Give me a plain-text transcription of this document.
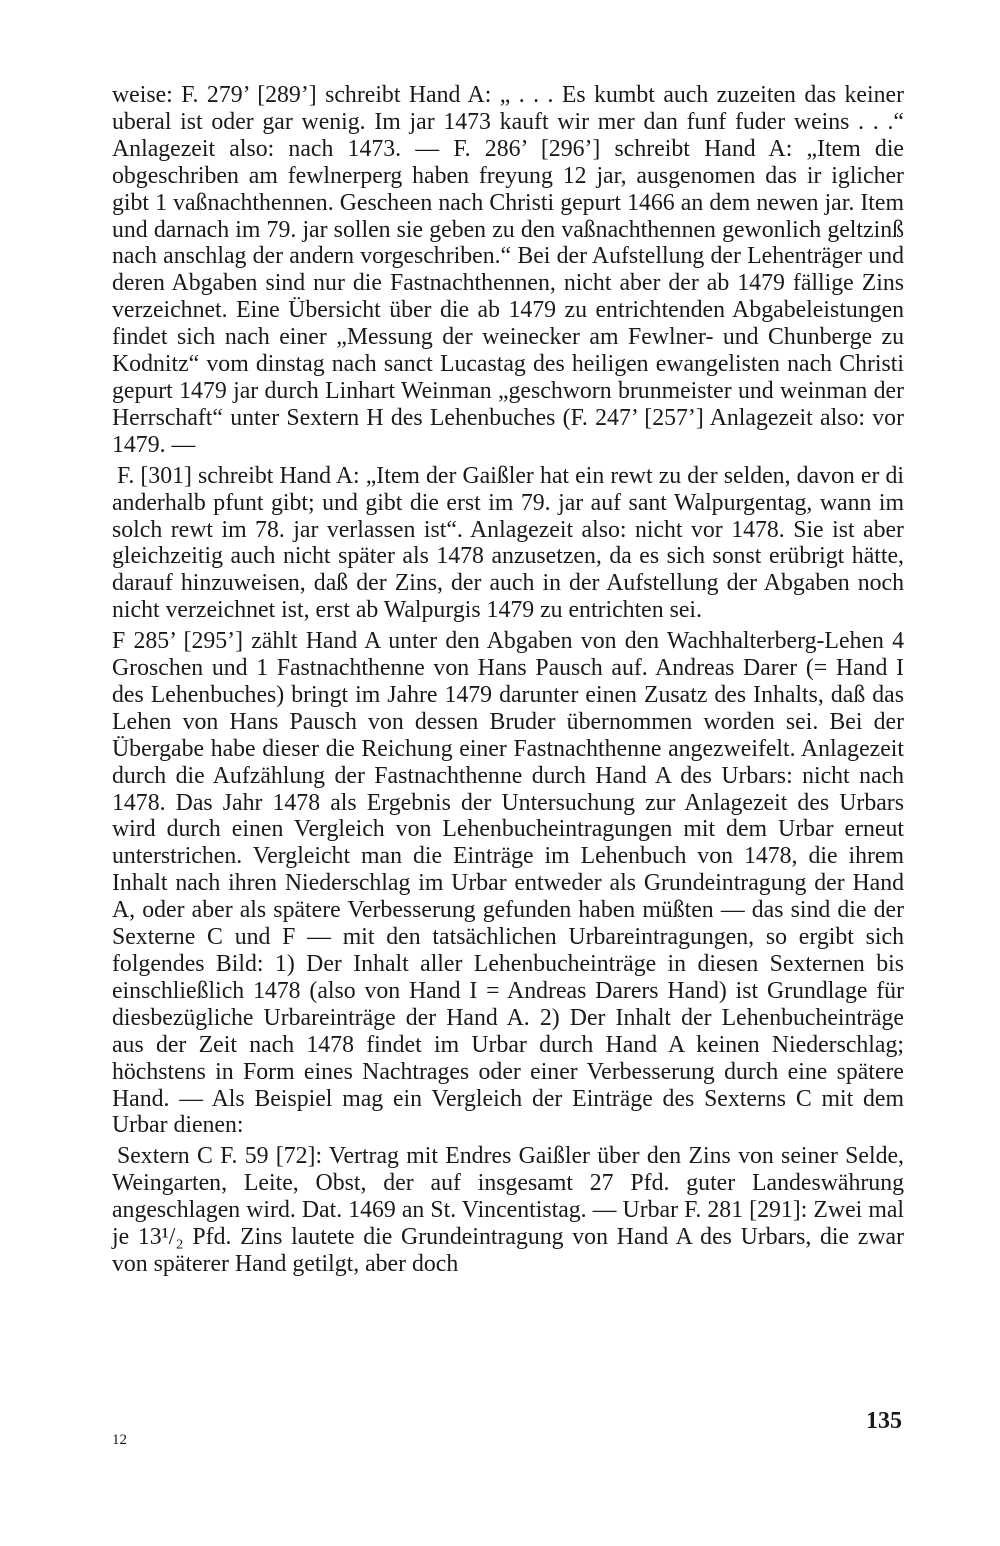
weise: F. 279’ [289’] schreibt Hand A: „ . . . Es kumbt auch zuzeiten das keiner uberal ist oder gar wenig. Im jar 1473 kauft wir mer dan funf fuder weins . . .“ Anlagezeit also: nach 1473. — F. 286’ [296’] schreibt Hand A: „Item die obgeschriben am fewlnerperg haben freyung 12 jar, ausgenomen das ir iglicher gibt 1 vaßnachthennen. Gescheen nach Christi gepurt 1466 an dem newen jar. Item und darnach im 79. jar sollen sie geben zu den vaßnachthennen gewonlich geltzinß nach anschlag der andern vorgeschriben.“ Bei der Aufstellung der Lehenträger und deren Abgaben sind nur die Fastnachthennen, nicht aber der ab 1479 fällige Zins verzeichnet. Eine Übersicht über die ab 1479 zu entrichtenden Abgabeleistungen findet sich nach einer „Messung der weinecker am Fewlner- und Chunberge zu Kodnitz“ vom dinstag nach sanct Lucastag des heiligen ewangelisten nach Christi gepurt 1479 jar durch Linhart Weinman „geschworn brunmeister und weinman der Herrschaft“ unter Sextern H des Lehenbuches (F. 247’ [257’] Anlagezeit also: vor 1479. —

F. [301] schreibt Hand A: „Item der Gaißler hat ein rewt zu der selden, davon er di anderhalb pfunt gibt; und gibt die erst im 79. jar auf sant Walpurgentag, wann im solch rewt im 78. jar verlassen ist“. Anlagezeit also: nicht vor 1478. Sie ist aber gleichzeitig auch nicht später als 1478 anzusetzen, da es sich sonst erübrigt hätte, darauf hinzuweisen, daß der Zins, der auch in der Aufstellung der Abgaben noch nicht verzeichnet ist, erst ab Walpurgis 1479 zu entrichten sei.

F 285’ [295’] zählt Hand A unter den Abgaben von den Wachhalterberg-Lehen 4 Groschen und 1 Fastnachthenne von Hans Pausch auf. Andreas Darer (= Hand I des Lehenbuches) bringt im Jahre 1479 darunter einen Zusatz des Inhalts, daß das Lehen von Hans Pausch von dessen Bruder übernommen worden sei. Bei der Übergabe habe dieser die Reichung einer Fastnachthenne angezweifelt. Anlagezeit durch die Aufzählung der Fastnachthenne durch Hand A des Urbars: nicht nach 1478. Das Jahr 1478 als Ergebnis der Untersuchung zur Anlagezeit des Urbars wird durch einen Vergleich von Lehenbucheintragungen mit dem Urbar erneut unterstrichen. Vergleicht man die Einträge im Lehenbuch von 1478, die ihrem Inhalt nach ihren Niederschlag im Urbar entweder als Grundeintragung der Hand A, oder aber als spätere Verbesserung gefunden haben müßten — das sind die der Sexterne C und F — mit den tatsächlichen Urbareintragungen, so ergibt sich folgendes Bild: 1) Der Inhalt aller Lehenbucheinträge in diesen Sexternen bis einschließlich 1478 (also von Hand I = Andreas Darers Hand) ist Grundlage für diesbezügliche Urbareinträge der Hand A. 2) Der Inhalt der Lehenbucheinträge aus der Zeit nach 1478 findet im Urbar durch Hand A keinen Niederschlag; höchstens in Form eines Nachtrages oder einer Verbesserung durch eine spätere Hand. — Als Beispiel mag ein Vergleich der Einträge des Sexterns C mit dem Urbar dienen:

Sextern C F. 59 [72]: Vertrag mit Endres Gaißler über den Zins von seiner Selde, Weingarten, Leite, Obst, der auf insgesamt 27 Pfd. guter Landeswährung angeschlagen wird. Dat. 1469 an St. Vincentistag. — Urbar F. 281 [291]: Zwei mal je 13¹/₂ Pfd. Zins lautete die Grundeintragung von Hand A des Urbars, die zwar von späterer Hand getilgt, aber doch

135
12
